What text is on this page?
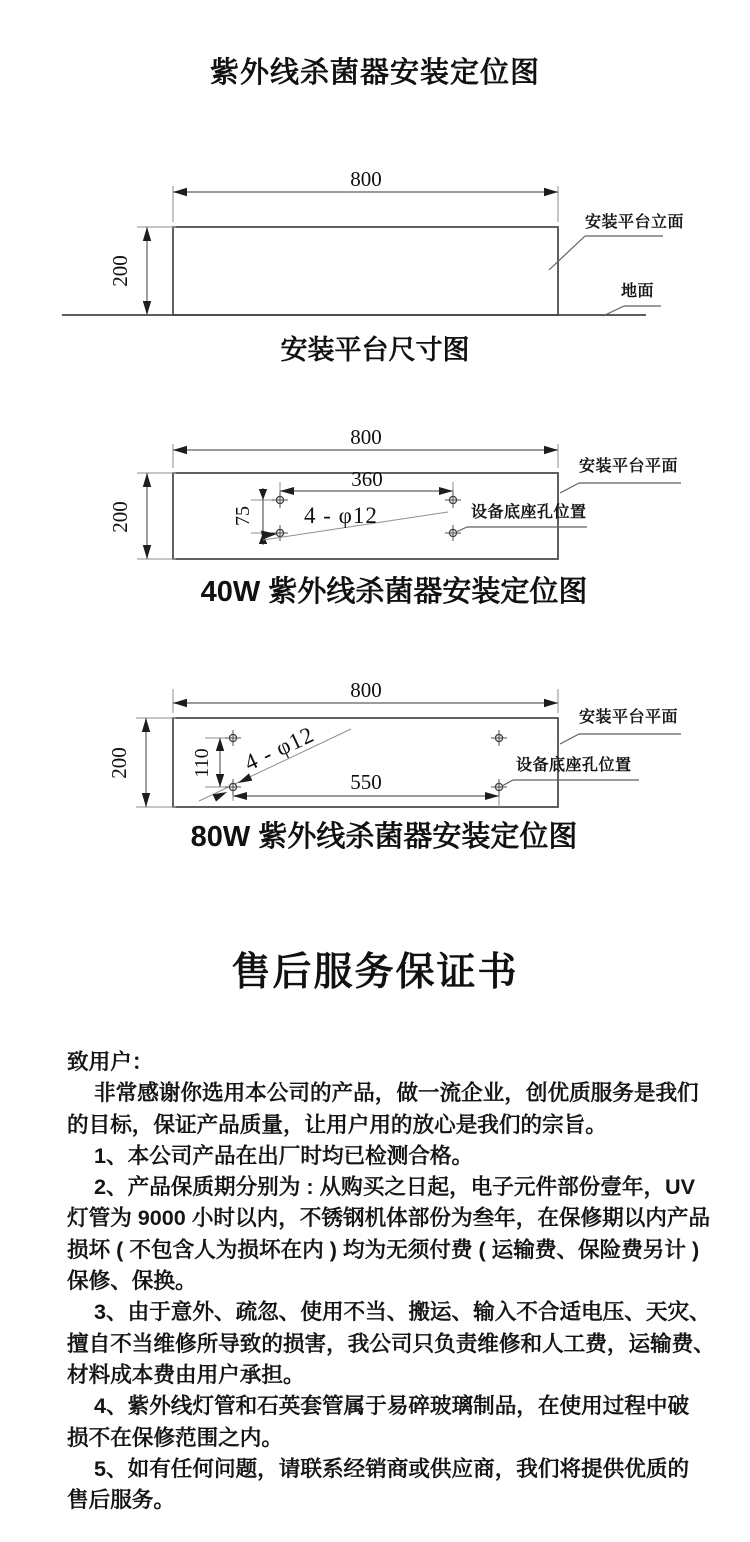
紫外线杀菌器安装定位图
800
200
安装平台立面
地面
安装平台尺寸图
800
200
360
75 4 - φ12
安装平台平面
设备底座孔位置
40W 紫外线杀菌器安装定位图
800
200	110 4 - φ12
550
安装平台平面
设备底座孔位置
80W 紫外线杀菌器安装定位图
售后服务保证书
致用户：
非常感谢你选用本公司的产品，做一流企业，创优质服务是我们
的目标，保证产品质量，让用户用的放心是我们的宗旨。
1、本公司产品在出厂时均已检测合格。
2、产品保质期分别为 : 从购买之日起，电子元件部份壹年，UV
灯管为 9000 小时以内，不锈钢机体部份为叁年，在保修期以内产品
损坏 ( 不包含人为损坏在内 ) 均为无须付费 ( 运输费、保险费另计 )
保修、保换。
3、由于意外、疏忽、使用不当、搬运、输入不合适电压、天灾、
擅自不当维修所导致的损害，我公司只负责维修和人工费，运输费、
材料成本费由用户承担。
4、紫外线灯管和石英套管属于易碎玻璃制品，在使用过程中破
损不在保修范围之内。
5、如有任何问题，请联系经销商或供应商，我们将提供优质的
售后服务。
